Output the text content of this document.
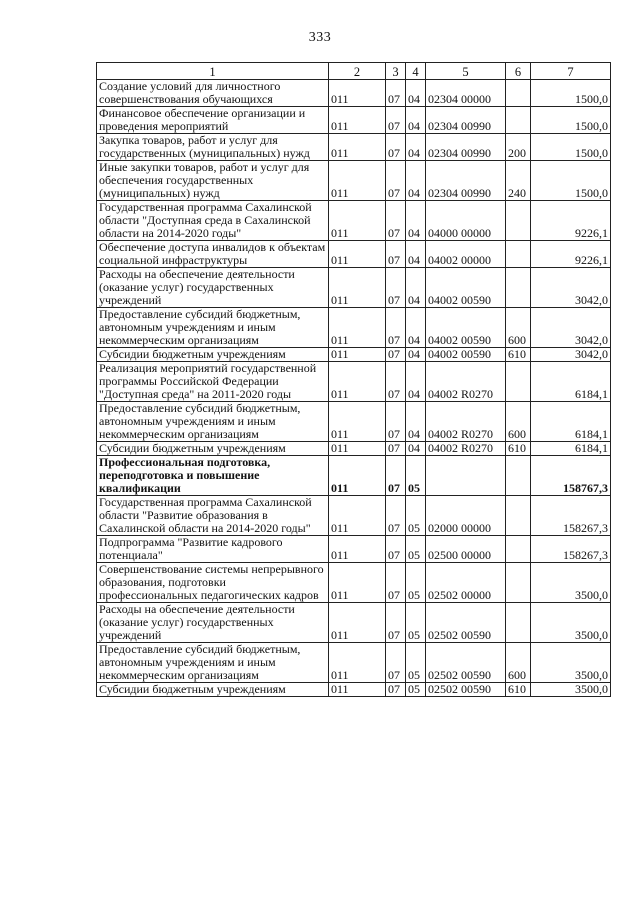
333
1	2	3	4	5	6	7
Создание условий для личностного совершенствования обучающихся	011	07	04	02304 00000		1500,0
Финансовое обеспечение организации и проведения мероприятий	011	07	04	02304 00990		1500,0
Закупка товаров, работ и услуг для государственных (муниципальных) нужд	011	07	04	02304 00990	200	1500,0
Иные закупки товаров, работ и услуг для обеспечения государственных (муниципальных) нужд	011	07	04	02304 00990	240	1500,0
Государственная программа Сахалинской области "Доступная среда в Сахалинской области на 2014-2020 годы"	011	07	04	04000 00000		9226,1
Обеспечение доступа инвалидов к объектам социальной инфраструктуры	011	07	04	04002 00000		9226,1
Расходы на обеспечение деятельности (оказание услуг) государственных учреждений	011	07	04	04002 00590		3042,0
Предоставление субсидий бюджетным, автономным учреждениям и иным некоммерческим организациям	011	07	04	04002 00590	600	3042,0
Субсидии бюджетным учреждениям	011	07	04	04002 00590	610	3042,0
Реализация мероприятий государственной программы Российской Федерации "Доступная среда" на 2011-2020 годы	011	07	04	04002 R0270		6184,1
Предоставление субсидий бюджетным, автономным учреждениям и иным некоммерческим организациям	011	07	04	04002 R0270	600	6184,1
Субсидии бюджетным учреждениям	011	07	04	04002 R0270	610	6184,1
Профессиональная подготовка, переподготовка и повышение квалификации	011	07	05			158767,3
Государственная программа Сахалинской области "Развитие образования в Сахалинской области на 2014-2020 годы"	011	07	05	02000 00000		158267,3
Подпрограмма "Развитие кадрового потенциала"	011	07	05	02500 00000		158267,3
Совершенствование системы непрерывного образования, подготовки профессиональных педагогических кадров	011	07	05	02502 00000		3500,0
Расходы на обеспечение деятельности (оказание услуг) государственных учреждений	011	07	05	02502 00590		3500,0
Предоставление субсидий бюджетным, автономным учреждениям и иным некоммерческим организациям	011	07	05	02502 00590	600	3500,0
Субсидии бюджетным учреждениям	011	07	05	02502 00590	610	3500,0
